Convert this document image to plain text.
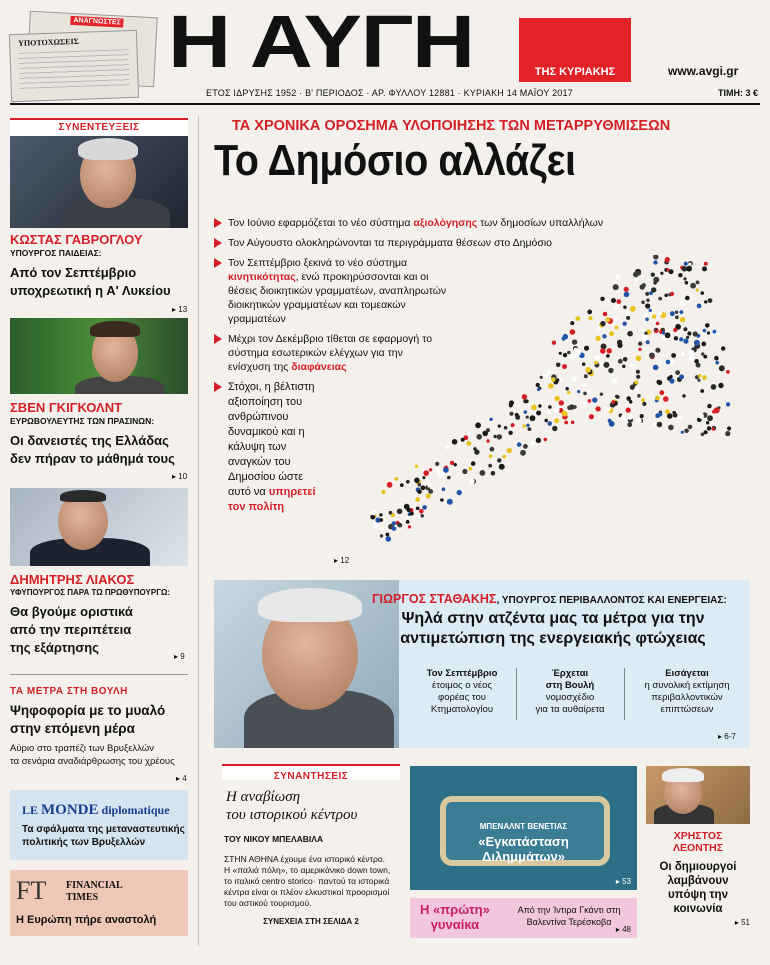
ΑΝΑΓΝΩΣΤΕΣ
ΥΠΟΤΟΧΩΣΕΙΣ Η ΑΥΓΗ	ΤΗΣ ΚΥΡΙΑΚΗΣ	www.avgi.gr
ΕΤΟΣ ΙΔΡΥΣΗΣ 1952 · Β' ΠΕΡΙΟΔΟΣ · ΑΡ. ΦΥΛΛΟΥ 12881 · ΚΥΡΙΑΚΗ 14 ΜΑΪΟΥ 2017	ΤΙΜΗ: 3 €
ΣΥΝΕΝΤΕΥΞΕΙΣ
ΚΩΣΤΑΣ ΓΑΒΡΟΓΛΟΥ
ΥΠΟΥΡΓΟΣ ΠΑΙΔΕΙΑΣ:
Από τον Σεπτέμβριο
υποχρεωτική η Α' Λυκείου
▸ 13
ΣΒΕΝ ΓΚΙΓΚΟΛΝΤ
ΕΥΡΩΒΟΥΛΕΥΤΗΣ ΤΩΝ ΠΡΑΣΙΝΩΝ:
Οι δανειστές της Ελλάδας
δεν πήραν το μάθημά τους
▸ 10
ΔΗΜΗΤΡΗΣ ΛΙΑΚΟΣ
ΥΦΥΠΟΥΡΓΟΣ ΠΑΡΑ ΤΩ ΠΡΩΘΥΠΟΥΡΓΩ:
Θα βγούμε οριστικά
από την περιπέτεια
της εξάρτησης
▸ 9
ΤΑ ΜΕΤΡΑ ΣΤΗ ΒΟΥΛΗ
Ψηφοφορία με το μυαλό
στην επόμενη μέρα
Αύριο στο τραπέζι των Βρυξελλών
τα σενάρια αναδιάρθρωσης του χρέους
▸ 4
LE MONDE diplomatique
Τα σφάλματα της μεταναστευτικής
πολιτικής των Βρυξελλών
FT FINANCIAL
TIMES
Η Ευρώπη πήρε αναστολή
ΤΑ ΧΡΟΝΙΚΑ ΟΡΟΣΗΜΑ ΥΛΟΠΟΙΗΣΗΣ ΤΩΝ ΜΕΤΑΡΡΥΘΜΙΣΕΩΝ
Το Δημόσιο αλλάζει
Τον Ιούνιο εφαρμόζεται το νέο σύστημα αξιολόγησης των δημοσίων υπαλλήλων
Τον Αύγουστο ολοκληρώνονται τα περιγράμματα θέσεων στο Δημόσιο
Τον Σεπτέμβριο ξεκινά το νέο σύστημα
κινητικότητας, ενώ προκηρύσσονται και οι
θέσεις διοικητικών γραμματέων, αναπληρωτών
διοικητικών γραμματέων και τομεακών
γραμματέων
Μέχρι τον Δεκέμβριο τίθεται σε εφαρμογή το
σύστημα εσωτερικών ελέγχων για την
ενίσχυση της διαφάνειας
Στόχοι, η βέλτιστη
αξιοποίηση του
ανθρώπινου
δυναμικού και η
κάλυψη των
αναγκών του
Δημοσίου ώστε
αυτό να υπηρετεί
τον πολίτη
▸ 12
ΓΙΩΡΓΟΣ ΣΤΑΘΑΚΗΣ, ΥΠΟΥΡΓΟΣ ΠΕΡΙΒΑΛΛΟΝΤΟΣ ΚΑΙ ΕΝΕΡΓΕΙΑΣ:
Ψηλά στην ατζέντα μας τα μέτρα για την
αντιμετώπιση της ενεργειακής φτώχειας
Τον Σεπτέμβριο
έτοιμος ο νέος
φορέας του
Κτηματολογίου
Έρχεται
στη Βουλή
νομοσχέδιο
για τα αυθαίρετα
Εισάγεται
η συνολική εκτίμηση
περιβαλλοντικών
επιπτώσεων
▸ 6-7
ΣΥΝΑΝΤΗΣΕΙΣ
Η αναβίωση
του ιστορικού κέντρου
ΤΟΥ ΝΙΚΟΥ ΜΠΕΛΑΒΙΛΑ
ΣΤΗΝ ΑΘΗΝΑ έχουμε ένα ιστορικό κέντρο.
Η «παλιά πόλη», το αμερικάνικο down town,
το ιταλικό centro storico· παντού τα ιστορικά
κέντρα είναι οι πλέον ελκυστικοί προορισμοί
του αστικού τουρισμού.
ΣΥΝΕΧΕΙΑ ΣΤΗ ΣΕΛΙΔΑ 2
ΜΠΕΝΑΛΝΤ ΒΕΝΕΤΙΑΣ
«Εγκατάσταση
Διλημμάτων»
▸ 53
Η «πρώτη»
γυναίκα
Από την Ίντιρα Γκάντι στη
Βαλεντίνα Τερέσκοβα
▸ 48
ΧΡΗΣΤΟΣ
ΛΕΟΝΤΗΣ
Οι δημιουργοί
λαμβάνουν
υπόψη την
κοινωνία
▸ 51
